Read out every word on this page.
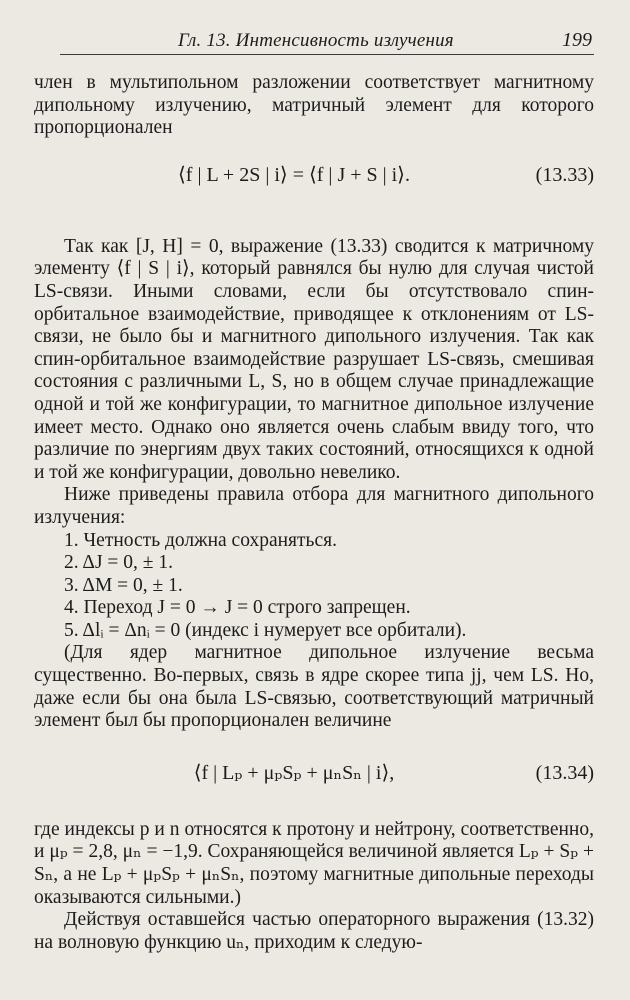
Гл. 13. Интенсивность излучения	199

член в мультипольном разложении соответствует магнитному дипольному излучению, матричный элемент для которого пропорционален

⟨f | L + 2S | i⟩ = ⟨f | J + S | i⟩.	(13.33)

Так как [J, H] = 0, выражение (13.33) сводится к матричному элементу ⟨f | S | i⟩, который равнялся бы нулю для случая чистой LS-связи. Иными словами, если бы отсутствовало спин-орбитальное взаимодействие, приводящее к отклонениям от LS-связи, не было бы и магнитного дипольного излучения. Так как спин-орбитальное взаимодействие разрушает LS-связь, смешивая состояния с различными L, S, но в общем случае принадлежащие одной и той же конфигурации, то магнитное дипольное излучение имеет место. Однако оно является очень слабым ввиду того, что различие по энергиям двух таких состояний, относящихся к одной и той же конфигурации, довольно невелико.

Ниже приведены правила отбора для магнитного дипольного излучения:

1. Четность должна сохраняться.
2. ΔJ = 0, ± 1.
3. ΔM = 0, ± 1.
4. Переход J = 0 → J = 0 строго запрещен.
5. Δlᵢ = Δnᵢ = 0 (индекс i нумерует все орбитали).

(Для ядер магнитное дипольное излучение весьма существенно. Во-первых, связь в ядре скорее типа jj, чем LS. Но, даже если бы она была LS-связью, соответствующий матричный элемент был бы пропорционален величине

⟨f | Lₚ + μₚSₚ + μₙSₙ | i⟩,	(13.34)

где индексы p и n относятся к протону и нейтрону, соответственно, и μₚ = 2,8, μₙ = −1,9. Сохраняющейся величиной является Lₚ + Sₚ + Sₙ, а не Lₚ + μₚSₚ + μₙSₙ, поэтому магнитные дипольные переходы оказываются сильными.)

Действуя оставшейся частью операторного выражения (13.32) на волновую функцию uₙ, приходим к следую-
